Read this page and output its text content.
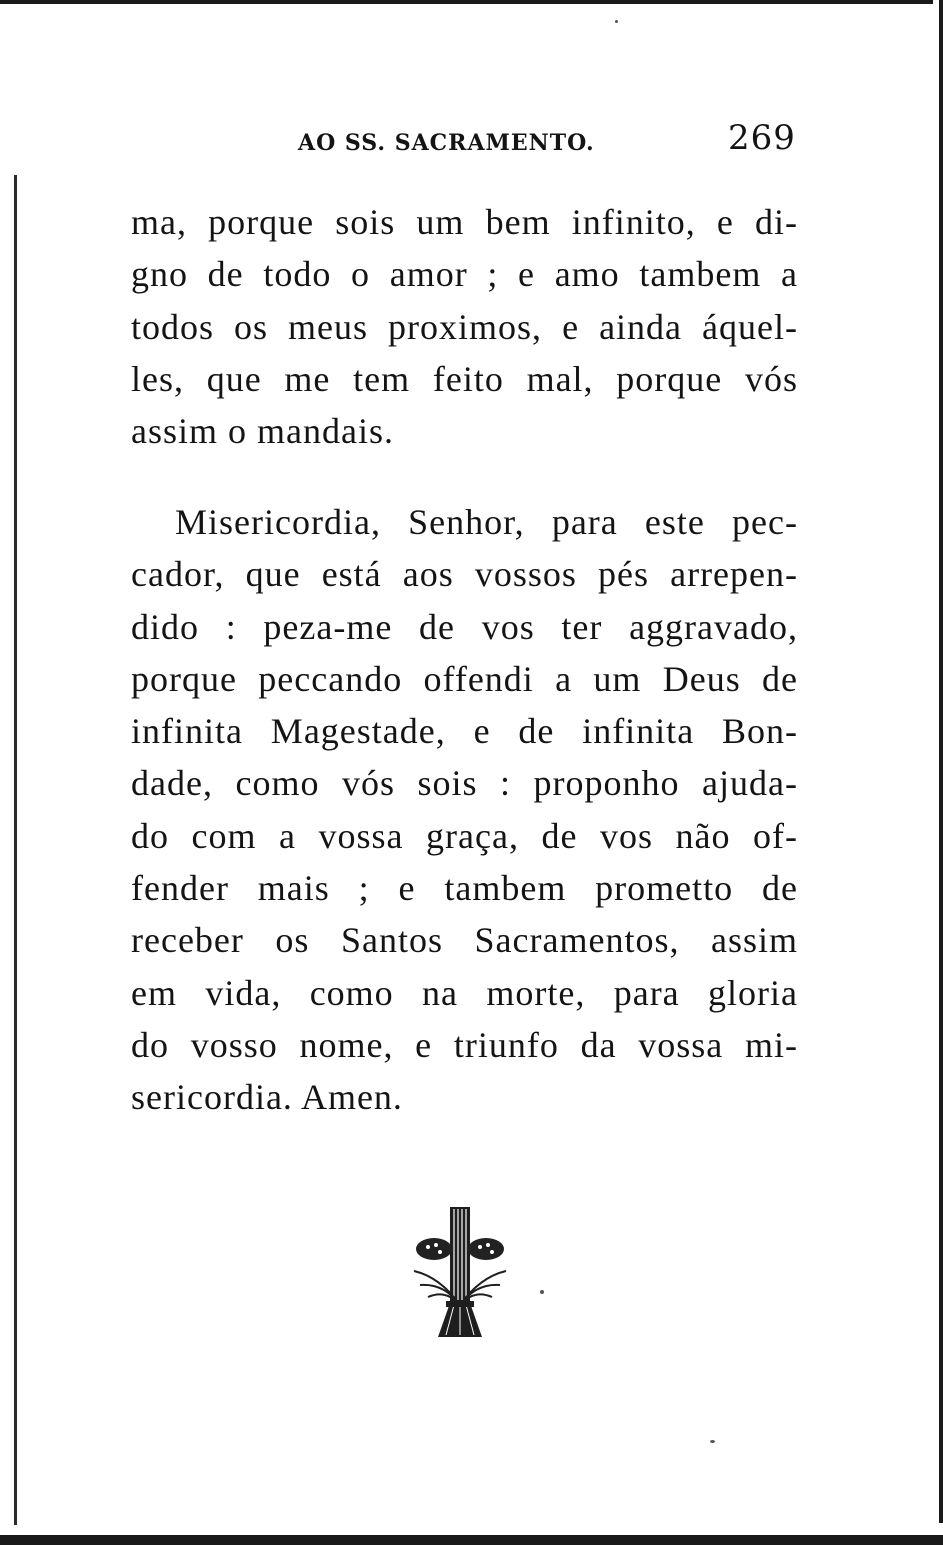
AO SS. SACRAMENTO.	269
ma, porque sois um bem infinito, e di-
gno de todo o amor ; e amo tambem a
todos os meus proximos, e ainda áquel-
les, que me tem feito mal, porque vós
assim o mandais.
Misericordia, Senhor, para este pec-
cador, que está aos vossos pés arrepen-
dido : peza-me de vos ter aggravado,
porque peccando offendi a um Deus de
infinita Magestade, e de infinita Bon-
dade, como vós sois : proponho ajuda-
do com a vossa graça, de vos não of-
fender mais ; e tambem prometto de
receber os Santos Sacramentos, assim
em vida, como na morte, para gloria
do vosso nome, e triunfo da vossa mi-
sericordia. Amen.
